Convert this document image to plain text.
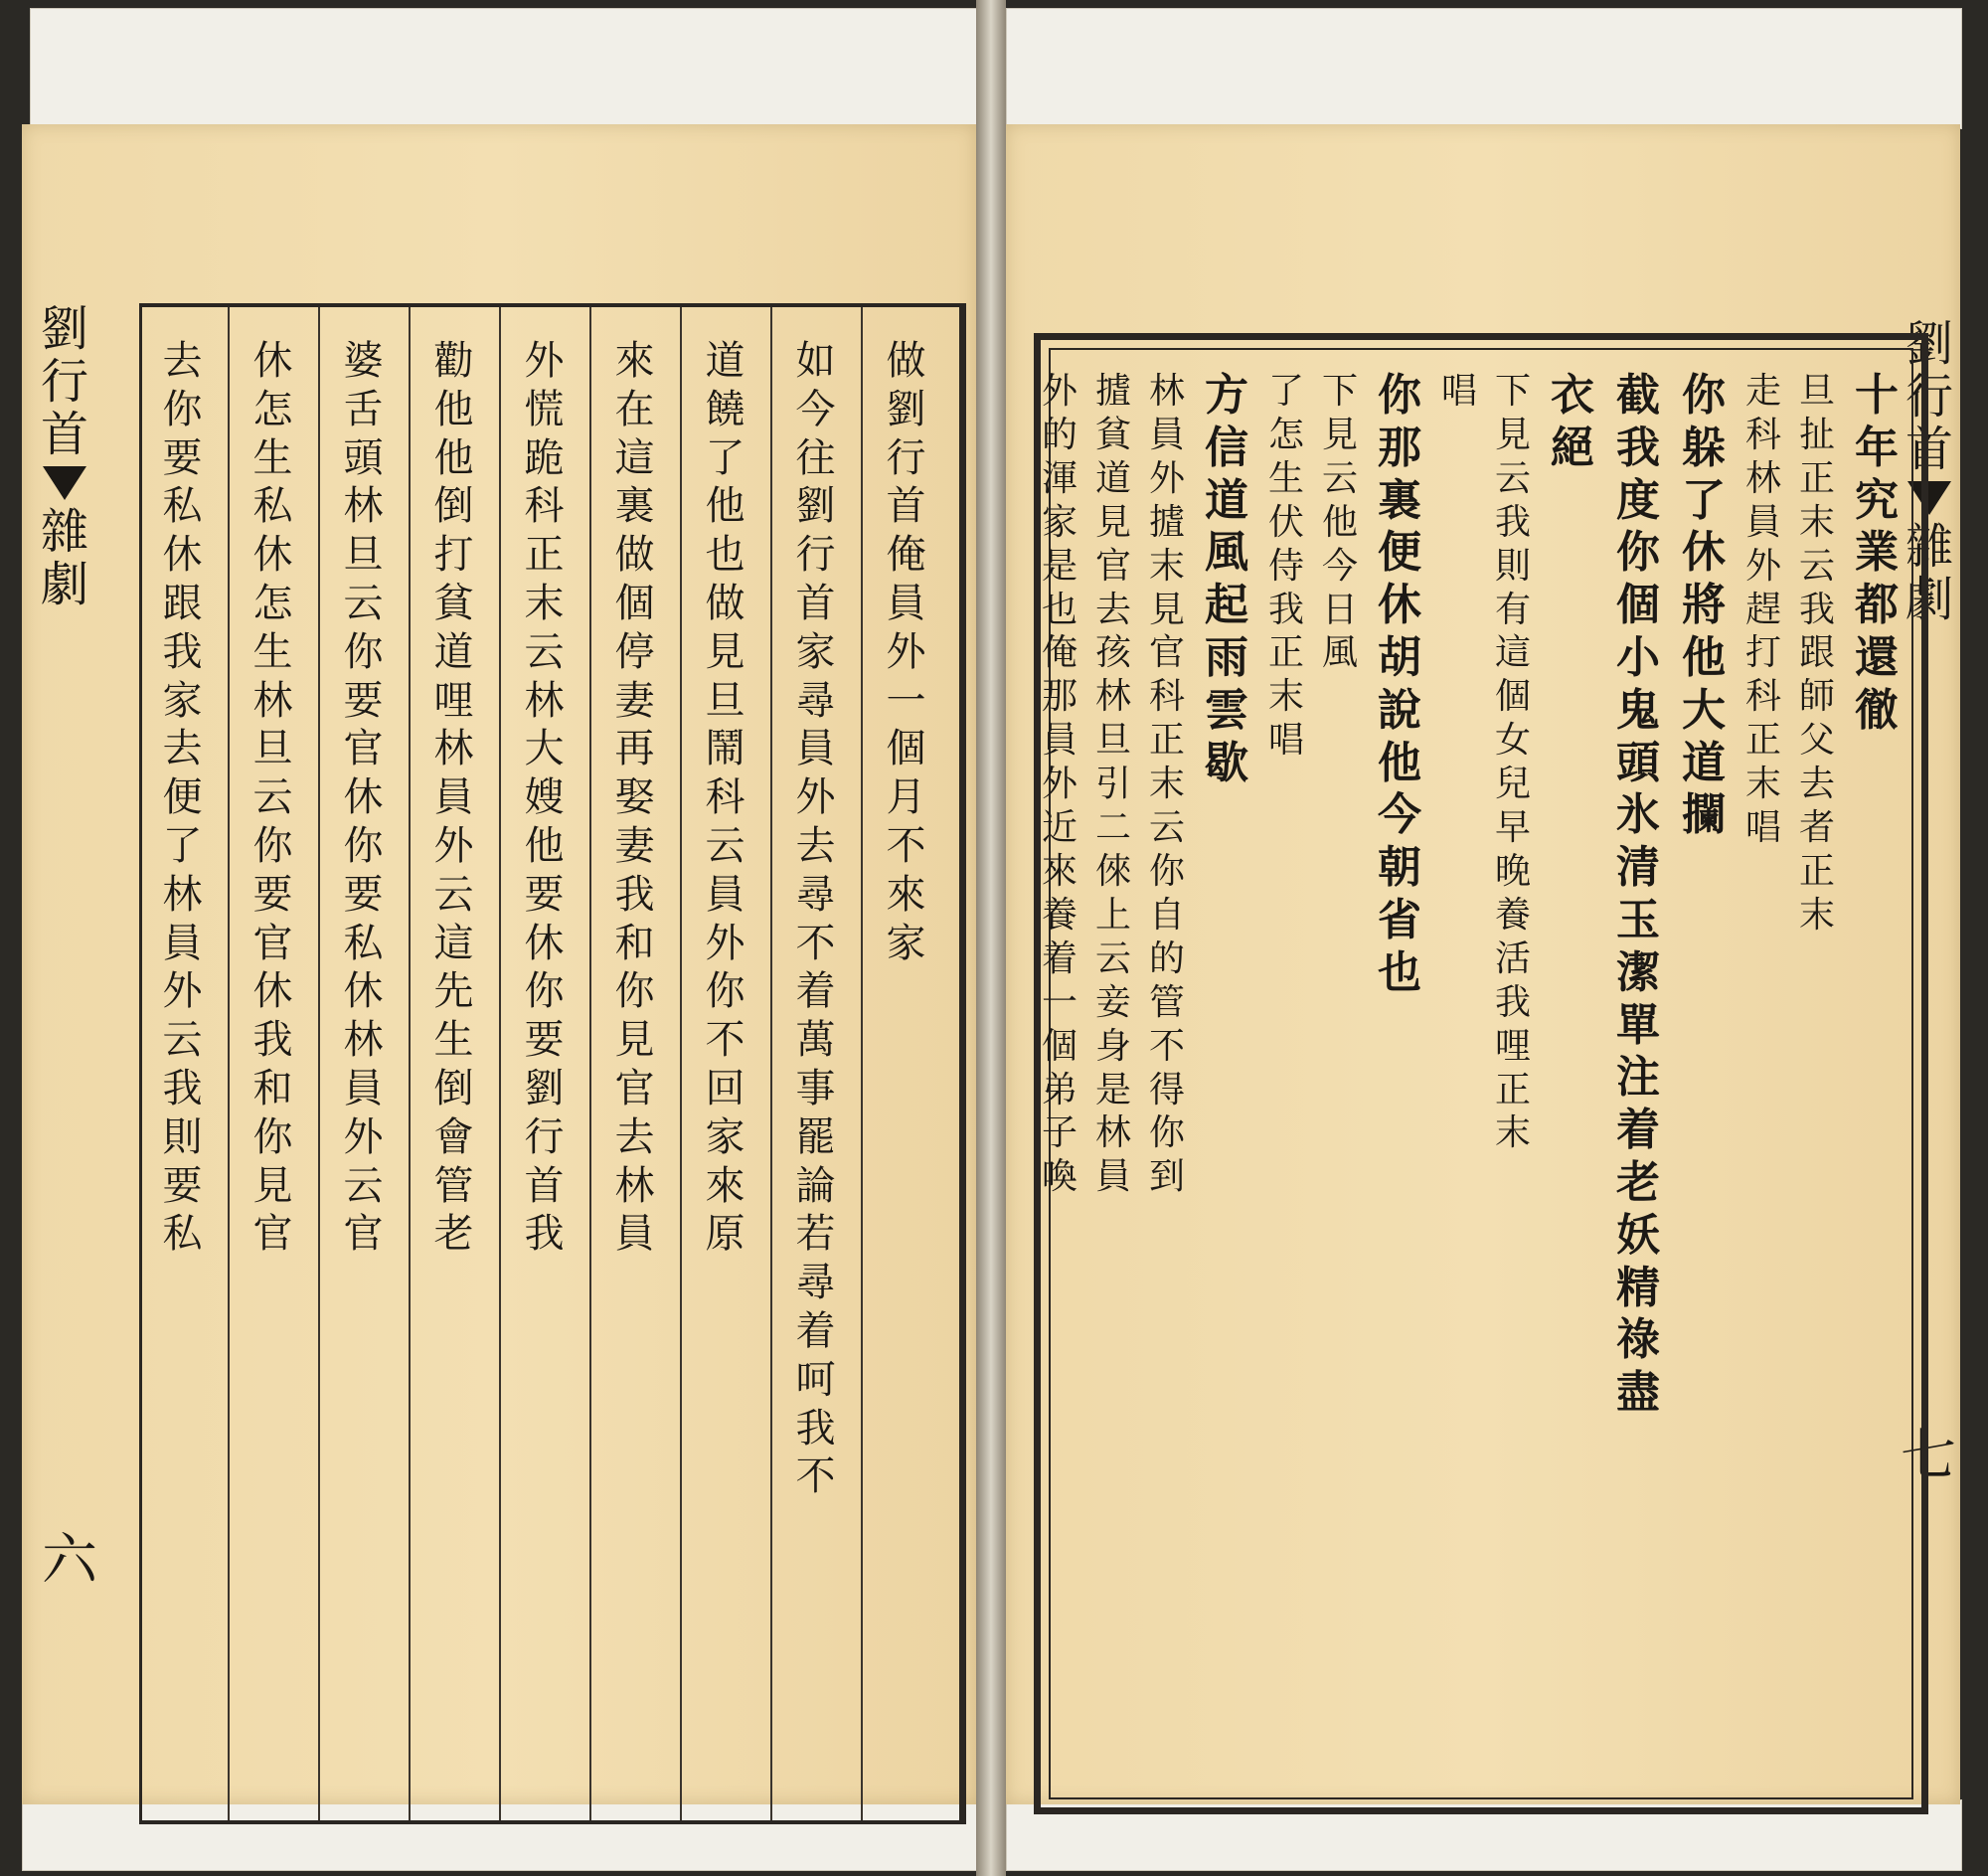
劉
行
首
雜
劇
六
做
劉
行
首
俺
員
外
一
個
月
不
來
家
如
今
往
劉
行
首
家
尋
員
外
去
尋
不
着
萬
事
罷
論
若
尋
着
呵
我
不
道
饒
了
他
也
做
見
旦
鬧
科
云
員
外
你
不
回
家
來
原
來
在
這
裏
做
個
停
妻
再
娶
妻
我
和
你
見
官
去
林
員
外
慌
跪
科
正
末
云
林
大
嫂
他
要
休
你
要
劉
行
首
我
勸
他
他
倒
打
貧
道
哩
林
員
外
云
這
先
生
倒
會
管
老
婆
舌
頭
林
旦
云
你
要
官
休
你
要
私
休
林
員
外
云
官
休
怎
生
私
休
怎
生
林
旦
云
你
要
官
休
我
和
你
見
官
去
你
要
私
休
跟
我
家
去
便
了
林
員
外
云
我
則
要
私
劉
行
首
雜
劇
七
十
年
究
業
都
還
徹
旦
扯
正
末
云
我
跟
師
父
去
者
正
末
走
科
林
員
外
趕
打
科
正
末
唱
你
躲
了
休
將
他
大
道
攔
截
我
度
你
個
小
鬼
頭
氷
清
玉
潔
單
注
着
老
妖
精
祿
盡
衣
絕
下
見
云
我
則
有
這
個
女
兒
早
晚
養
活
我
哩
正
末
唱
你
那
裏
便
休
胡
說
他
今
朝
省
也
下
見
云
他
今
日
風
了
怎
生
伏
侍
我
正
末
唱
方
信
道
風
起
雨
雲
歇
林
員
外
摣
末
見
官
科
正
末
云
你
自
的
管
不
得
你
到
摣
貧
道
見
官
去
孩
林
旦
引
二
倈
上
云
妾
身
是
林
員
外
的
渾
家
是
也
俺
那
員
外
近
來
養
着
一
個
弟
子
喚
